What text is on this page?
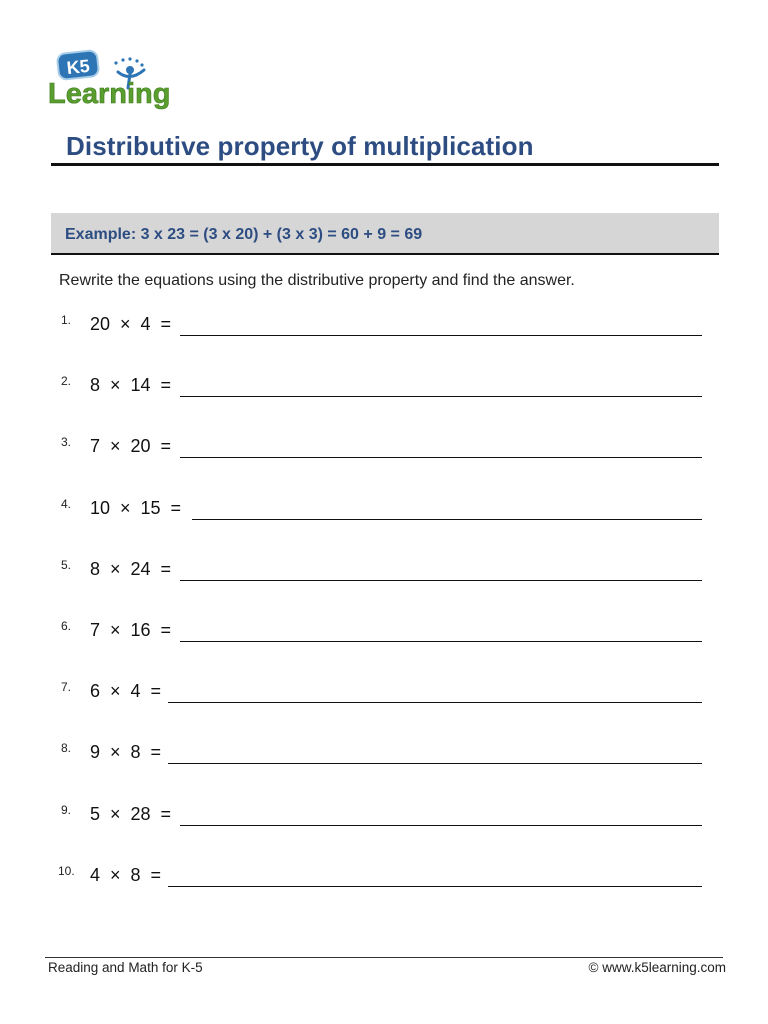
K5
Learning
Distributive property of multiplication
Example: 3 x 23 = (3 x 20) + (3 x 3) = 60 + 9 = 69
Rewrite the equations using the distributive property and find the answer.
1. 20  ×  4  =
2. 8  ×  14  =
3. 7  ×  20  =
4. 10  ×  15  =
5. 8  ×  24  =
6. 7  ×  16  =
7. 6  ×  4  =
8. 9  ×  8  =
9. 5  ×  28  =
10. 4  ×  8  =
Reading and Math for K-5	© www.k5learning.com
